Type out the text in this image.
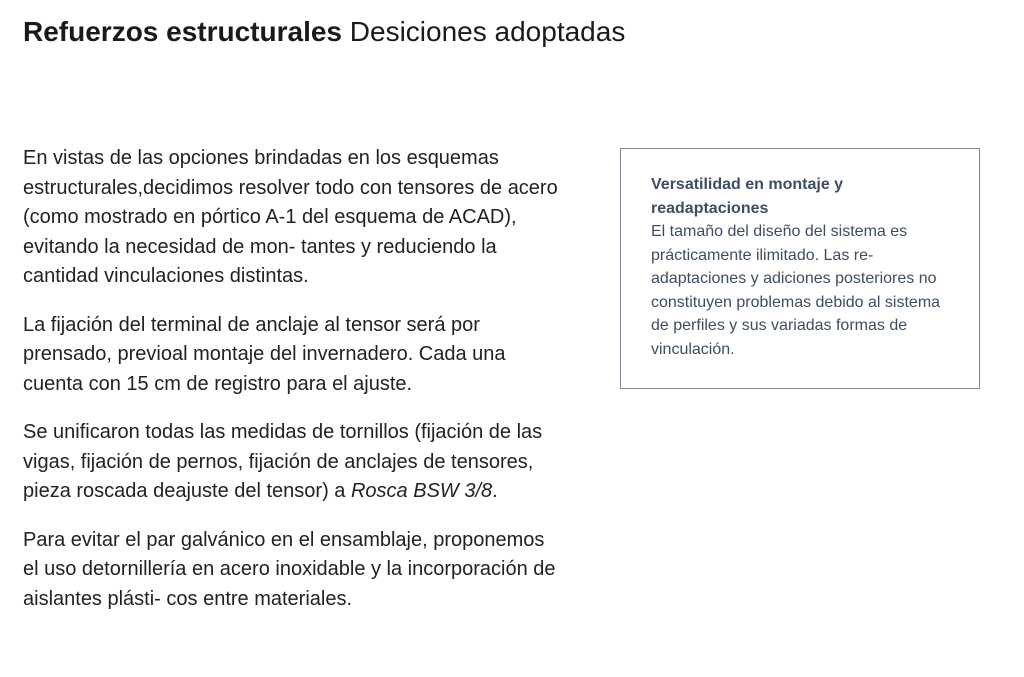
Refuerzos estructurales Desiciones adoptadas

En vistas de las opciones brindadas en los esquemas estructurales,decidimos resolver todo con tensores de acero (como mostrado en pórtico A-1 del esquema de ACAD), evitando la necesidad de mon- tantes y reduciendo la cantidad vinculaciones distintas.

La fijación del terminal de anclaje al tensor será por prensado, previoal montaje del invernadero. Cada una cuenta con 15 cm de registro para el ajuste.

Se unificaron todas las medidas de tornillos (fijación de las vigas, fijación de pernos, fijación de anclajes de tensores, pieza roscada deajuste del tensor) a Rosca BSW 3/8.

Para evitar el par galvánico en el ensamblaje, proponemos el uso detornillería en acero inoxidable y la incorporación de aislantes plásti- cos entre materiales.

Versatilidad en montaje y readaptaciones

El tamaño del diseño del sistema es prácticamente ilimitado. Las re- adaptaciones y adiciones posteriores no constituyen problemas debido al sistema de perfiles y sus variadas formas de vinculación.
